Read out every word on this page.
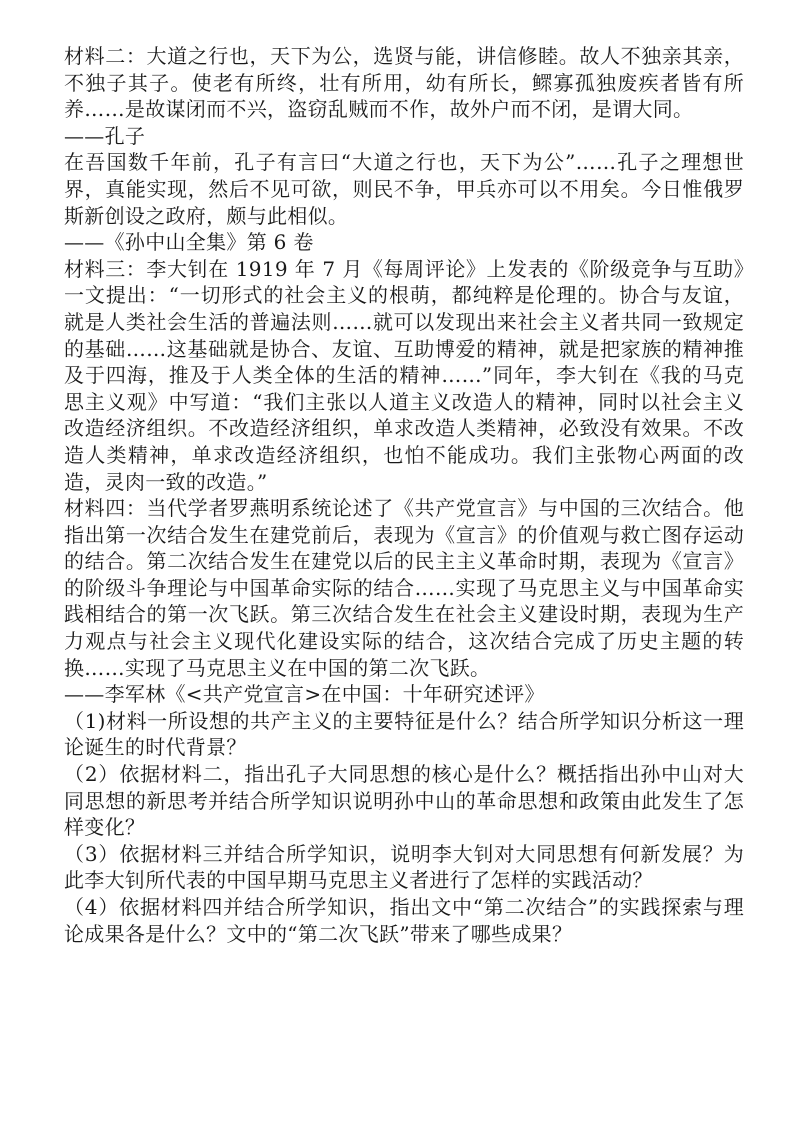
材料二：大道之行也，天下为公，选贤与能，讲信修睦。故人不独亲其亲，不独子其子。使老有所终，壮有所用，幼有所长，鳏寡孤独废疾者皆有所养……是故谋闭而不兴，盗窃乱贼而不作，故外户而不闭，是谓大同。

——孔子

在吾国数千年前，孔子有言曰“大道之行也，天下为公”……孔子之理想世界，真能实现，然后不见可欲，则民不争，甲兵亦可以不用矣。今日惟俄罗斯新创设之政府，颇与此相似。

——《孙中山全集》第 6 卷

材料三：李大钊在 1919 年 7 月《每周评论》上发表的《阶级竞争与互助》一文提出：“一切形式的社会主义的根萌，都纯粹是伦理的。协合与友谊，就是人类社会生活的普遍法则……就可以发现出来社会主义者共同一致规定的基础……这基础就是协合、友谊、互助博爱的精神，就是把家族的精神推及于四海，推及于人类全体的生活的精神……”同年，李大钊在《我的马克思主义观》中写道：“我们主张以人道主义改造人的精神，同时以社会主义改造经济组织。不改造经济组织，单求改造人类精神，必致没有效果。不改造人类精神，单求改造经济组织，也怕不能成功。我们主张物心两面的改造，灵肉一致的改造。”

材料四：当代学者罗燕明系统论述了《共产党宣言》与中国的三次结合。他指出第一次结合发生在建党前后，表现为《宣言》的价值观与救亡图存运动的结合。第二次结合发生在建党以后的民主主义革命时期，表现为《宣言》的阶级斗争理论与中国革命实际的结合……实现了马克思主义与中国革命实践相结合的第一次飞跃。第三次结合发生在社会主义建设时期，表现为生产力观点与社会主义现代化建设实际的结合，这次结合完成了历史主题的转换……实现了马克思主义在中国的第二次飞跃。

——李军林《<共产党宣言>在中国：十年研究述评》

（1)材料一所设想的共产主义的主要特征是什么？结合所学知识分析这一理论诞生的时代背景？

（2）依据材料二，指出孔子大同思想的核心是什么？概括指出孙中山对大同思想的新思考并结合所学知识说明孙中山的革命思想和政策由此发生了怎样变化？

（3）依据材料三并结合所学知识，说明李大钊对大同思想有何新发展？为此李大钊所代表的中国早期马克思主义者进行了怎样的实践活动？

（4）依据材料四并结合所学知识，指出文中“第二次结合”的实践探索与理论成果各是什么？文中的“第二次飞跃”带来了哪些成果？
